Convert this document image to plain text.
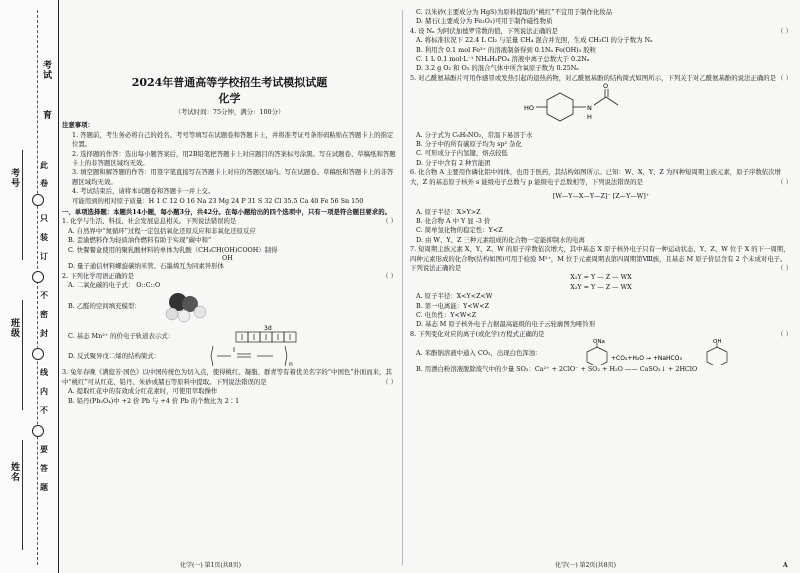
考试
育
考号
班级
姓名
此
卷
只
装
订
不
密
封
线
内
不
要
答
题
2024年普通高等学校招生考试模拟试题
化学
（考试时间：75分钟，满分：100分）

注意事项：

1. 答题前，考生务必将自己的姓名、考号等填写在试题卷和答题卡上，并将准考证号条形码粘贴在答题卡上的指定位置。

2. 选择题的作答：选出每小题答案后，用2B铅笔把答题卡上对应题目的答案标号涂黑。写在试题卷、草稿纸和答题卡上的非答题区域均无效。

3. 填空题和解答题的作答：用签字笔直接写在答题卡上对应的答题区域内。写在试题卷、草稿纸和答题卡上的非答题区域均无效。

4. 考试结束后，请将本试题卷和答题卡一并上交。

可能用到的相对原子质量：H 1 C 12 O 16 Na 23 Mg 24 P 31 S 32 Cl 35.5 Ca 40 Fe 56 Sn 150

一、单项选择题：本题共14小题，每小题3分，共42分。在每小题给出的四个选项中，只有一项是符合题目要求的。

1. 化学与生活、科技、社会发展息息相关。下列说法错误的是	（ ）

A. 自然界中“氮循环”过程一定包括氧化还原反应和非氧化还原反应

B. 歪渝燃料作为轻质油作燃料有助于实现“碳中和”

C. 快餐餐盒使用的聚乳酸材料的单体为乳酸（CH₃CH(OH)COOH）制得

OH

D. 量子通信材料螺旋碳纳米管、石墨烯互为同素异形体

2. 下列化学用语正确的是	（ ）

A. 二氧化碳的电子式： O::C::O

B. 乙醛的空间填充模型：
C. 基态 Mn²⁺ 的价电子轨道表示式：
3d
D. 反式聚异戊二烯的结构简式：
n

3. 兔年春晚《满庭芳·国色》以中国传统色为切入点，使得桃红、凝脂、群青等有着优美名字的“中国色”扑面而来，其中“桃红”可从红花、铅丹、朱砂或赭石等原料中提取。下列说法错误的是	（ ）

A. 提取红花中的有效成分红花素时，可使用萃取操作

B. 铅丹(Pb₃O₄)中 +2 价 Pb 与 +4 价 Pb 的个数比为 2∶1

化学(一) 第1页(共8页)

C. 以朱砂(主要成分为 HgS)为原料提取的“桃红”不宜用于制作化妆品

D. 赭石(主要成分为 Fe₂O₃)可用于制作磁性物质

4. 设 Nₐ 为阿伏加德罗常数的值，下列说法正确的是	（ ）

A. 将标准状况下 22.4 L Cl₂ 与足量 CH₄ 混合并光照，生成 CH₃Cl 的分子数为 Nₐ

B. 利用含 0.1 mol Fe³⁺ 的溶液制备得到 0.1Nₐ Fe(OH)₃ 胶粒

C. 1 L 0.1 mol·L⁻¹ NH₄H₂PO₄ 溶液中离子总数大于 0.2Nₐ

D. 3.2 g O₂ 和 O₃ 的混合气体中所含氧原子数为 0.25Nₐ

5. 对乙酰氨基酚片可用作感冒或发热引起的退热药物，对乙酰氨基酚的结构简式如图所示，下列关于对乙酰氨基酚的说法正确的是 （ ）

HO	N
H
O

A. 分子式为 C₈H₉NO₂，常温下易溶于水

B. 分子中的所有碳原子均为 sp² 杂化

C. 可形成分子内氢键，熔点较低

D. 分子中含有 2 种官能团

6. 化合物 A 主要用作磷化铝中间体，也用于医药，其结构如图所示。已知：W、X、Y、Z 为四种短周期主族元素，原子序数依次增大，Z 的基态原子核外 s 能级电子总数与 p 能级电子总数相等，下列说法错误的是	（ ）

[W—Y—X—Y—Z]⁻ [Z—Y—W]⁺

A. 原子半径：X>Y>Z

B. 化合物 A 中 Y 显 -3 价

C. 简单氢化物的稳定性：Y<Z

D. 由 W、Y、Z 三种元素组成的化合物一定能抑制水的电离

7. 短周期主族元素 X、Y、Z、W 的原子序数依次增大，其中基态 X 原子核外电子只有一种运动状态，Y、Z、W 位于 X 的下一周期，四种元素形成的化合物(结构如图)可用于检验 M²⁺，M 位于元素周期表第四周期第Ⅷ族，且基态 M 原子价层含有 2 个未成对电子。下列说法正确的是	（ ）

X₂Y = Y — Z — WX

X₂Y = Y — Z — WX

A. 原子半径：X<Y<Z<W

B. 第一电离能：Y<W<Z

C. 电负性：Y<W<Z

D. 基态 M 原子核外电子占据最高能级的电子云轮廓图为哑铃形

8. 下列变化对应的离子(或化学)方程式正确的是	（ ）

A. 苯酚钠溶液中通入 CO₂，出现白色浑浊：
ONa	OH
+CO₂+H₂O → +NaHCO₃

B. 用漂白粉溶液脱除废气中的少量 SO₂：Ca²⁺ + 2ClO⁻ + SO₂ + H₂O —— CaSO₃↓ + 2HClO

化学(一) 第2页(共8页)	A
